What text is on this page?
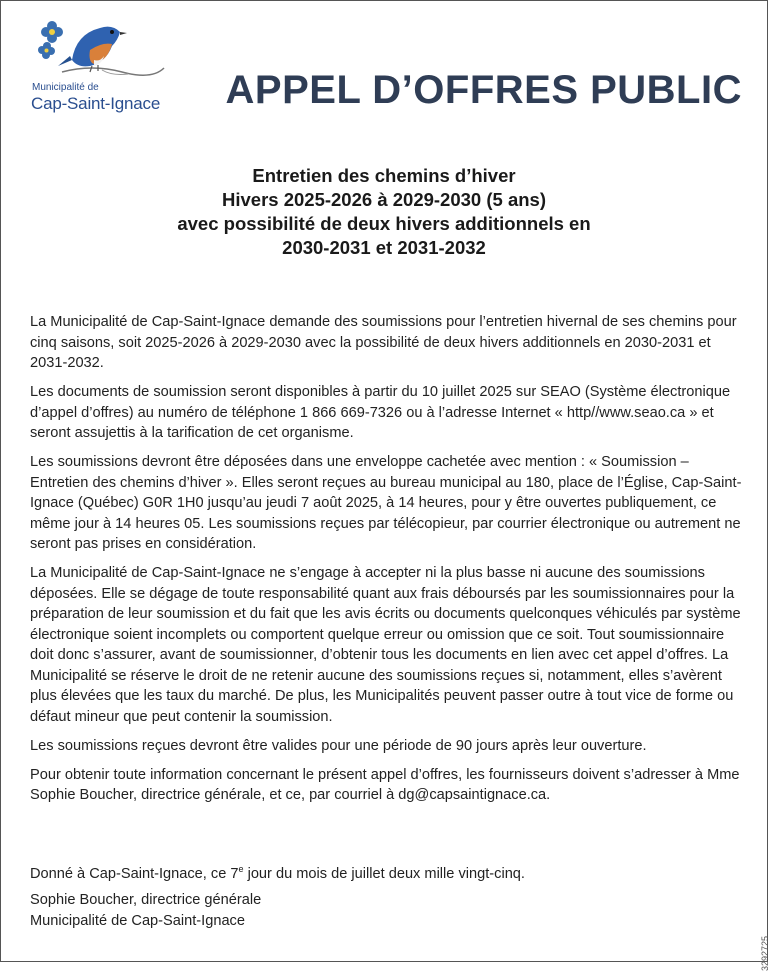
Municipalité de
Cap-Saint-Ignace APPEL D’OFFRES PUBLIC
Entretien des chemins d’hiver
Hivers 2025-2026 à 2029-2030 (5 ans)
avec possibilité de deux hivers additionnels en
2030-2031 et 2031-2032

La Municipalité de Cap-Saint-Ignace demande des soumissions pour l’entretien hivernal de ses chemins pour cinq saisons, soit 2025-2026 à 2029-2030 avec la possibilité de deux hivers additionnels en 2030-2031 et 2031-2032.

Les documents de soumission seront disponibles à partir du 10 juillet 2025 sur SEAO (Système électronique d’appel d’offres) au numéro de téléphone 1 866 669-7326 ou à l’adresse Internet « http//www.seao.ca » et seront assujettis à la tarification de cet organisme.

Les soumissions devront être déposées dans une enveloppe cachetée avec mention : « Soumission – Entretien des chemins d’hiver ». Elles seront reçues au bureau municipal au 180, place de l’Église, Cap-Saint-Ignace (Québec) G0R 1H0 jusqu’au jeudi 7 août 2025, à 14 heures, pour y être ouvertes publiquement, ce même jour à 14 heures 05. Les soumissions reçues par télécopieur, par courrier électronique ou autrement ne seront pas prises en considération.

La Municipalité de Cap-Saint-Ignace ne s’engage à accepter ni la plus basse ni aucune des soumissions déposées. Elle se dégage de toute responsabilité quant aux frais déboursés par les soumissionnaires pour la préparation de leur soumission et du fait que les avis écrits ou documents quelconques véhiculés par système électronique soient incomplets ou comportent quelque erreur ou omission que ce soit. Tout soumissionnaire doit donc s’assurer, avant de soumissionner, d’obtenir tous les documents en lien avec cet appel d’offres. La Municipalité se réserve le droit de ne retenir aucune des soumissions reçues si, notamment, elles s’avèrent plus élevées que les taux du marché. De plus, les Municipalités peuvent passer outre à tout vice de forme ou défaut mineur que peut contenir la soumission.

Les soumissions reçues devront être valides pour une période de 90 jours après leur ouverture.

Pour obtenir toute information concernant le présent appel d’offres, les fournisseurs doivent s’adresser à Mme Sophie Boucher, directrice générale, et ce, par courriel à dg@capsaintignace.ca.

Donné à Cap-Saint-Ignace, ce 7e jour du mois de juillet deux mille vingt-cinq.

Sophie Boucher, directrice générale

Municipalité de Cap-Saint-Ignace

3292725
